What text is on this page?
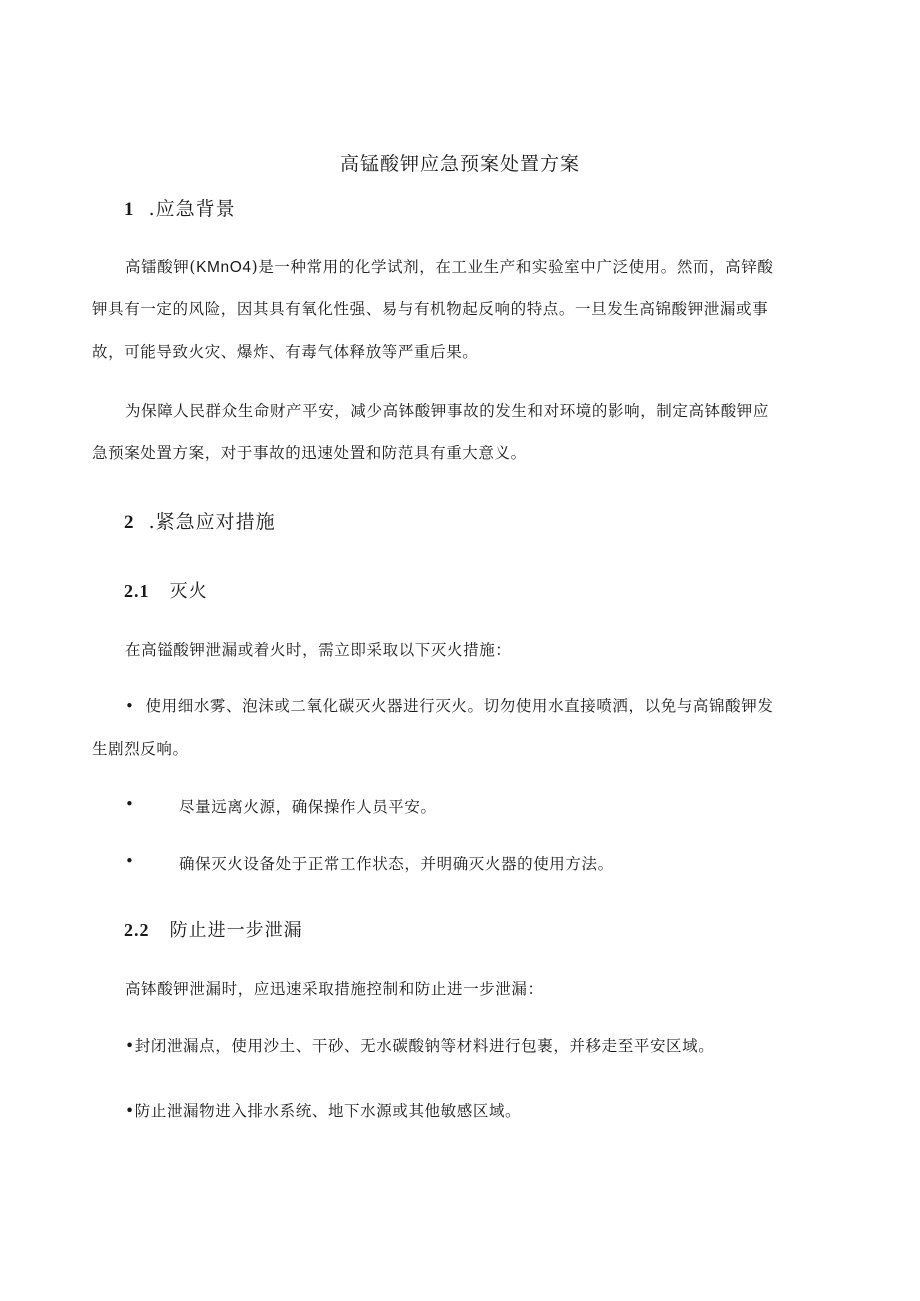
高锰酸钾应急预案处置方案
1 .应急背景
高镭酸钾(KMnO4)是一种常用的化学试剂，在工业生产和实验室中广泛使用。然而，高锌酸
钾具有一定的风险，因其具有氧化性强、易与有机物起反响的特点。一旦发生高锦酸钾泄漏或事
故，可能导致火灾、爆炸、有毒气体释放等严重后果。
为保障人民群众生命财产平安，减少高钵酸钾事故的发生和对环境的影响，制定高钵酸钾应
急预案处置方案，对于事故的迅速处置和防范具有重大意义。
2 .紧急应对措施
2.1 灭火
在高镒酸钾泄漏或着火时，需立即采取以下灭火措施：
• 使用细水雾、泡沫或二氧化碳灭火器进行灭火。切勿使用水直接喷洒，以免与高锦酸钾发
生剧烈反响。
•	尽量远离火源，确保操作人员平安。
•	确保灭火设备处于正常工作状态，并明确灭火器的使用方法。
2.2 防止进一步泄漏
高钵酸钾泄漏时，应迅速采取措施控制和防止进一步泄漏：
•封闭泄漏点，使用沙土、干砂、无水碳酸钠等材料进行包裹，并移走至平安区域。
•防止泄漏物进入排水系统、地下水源或其他敏感区域。
